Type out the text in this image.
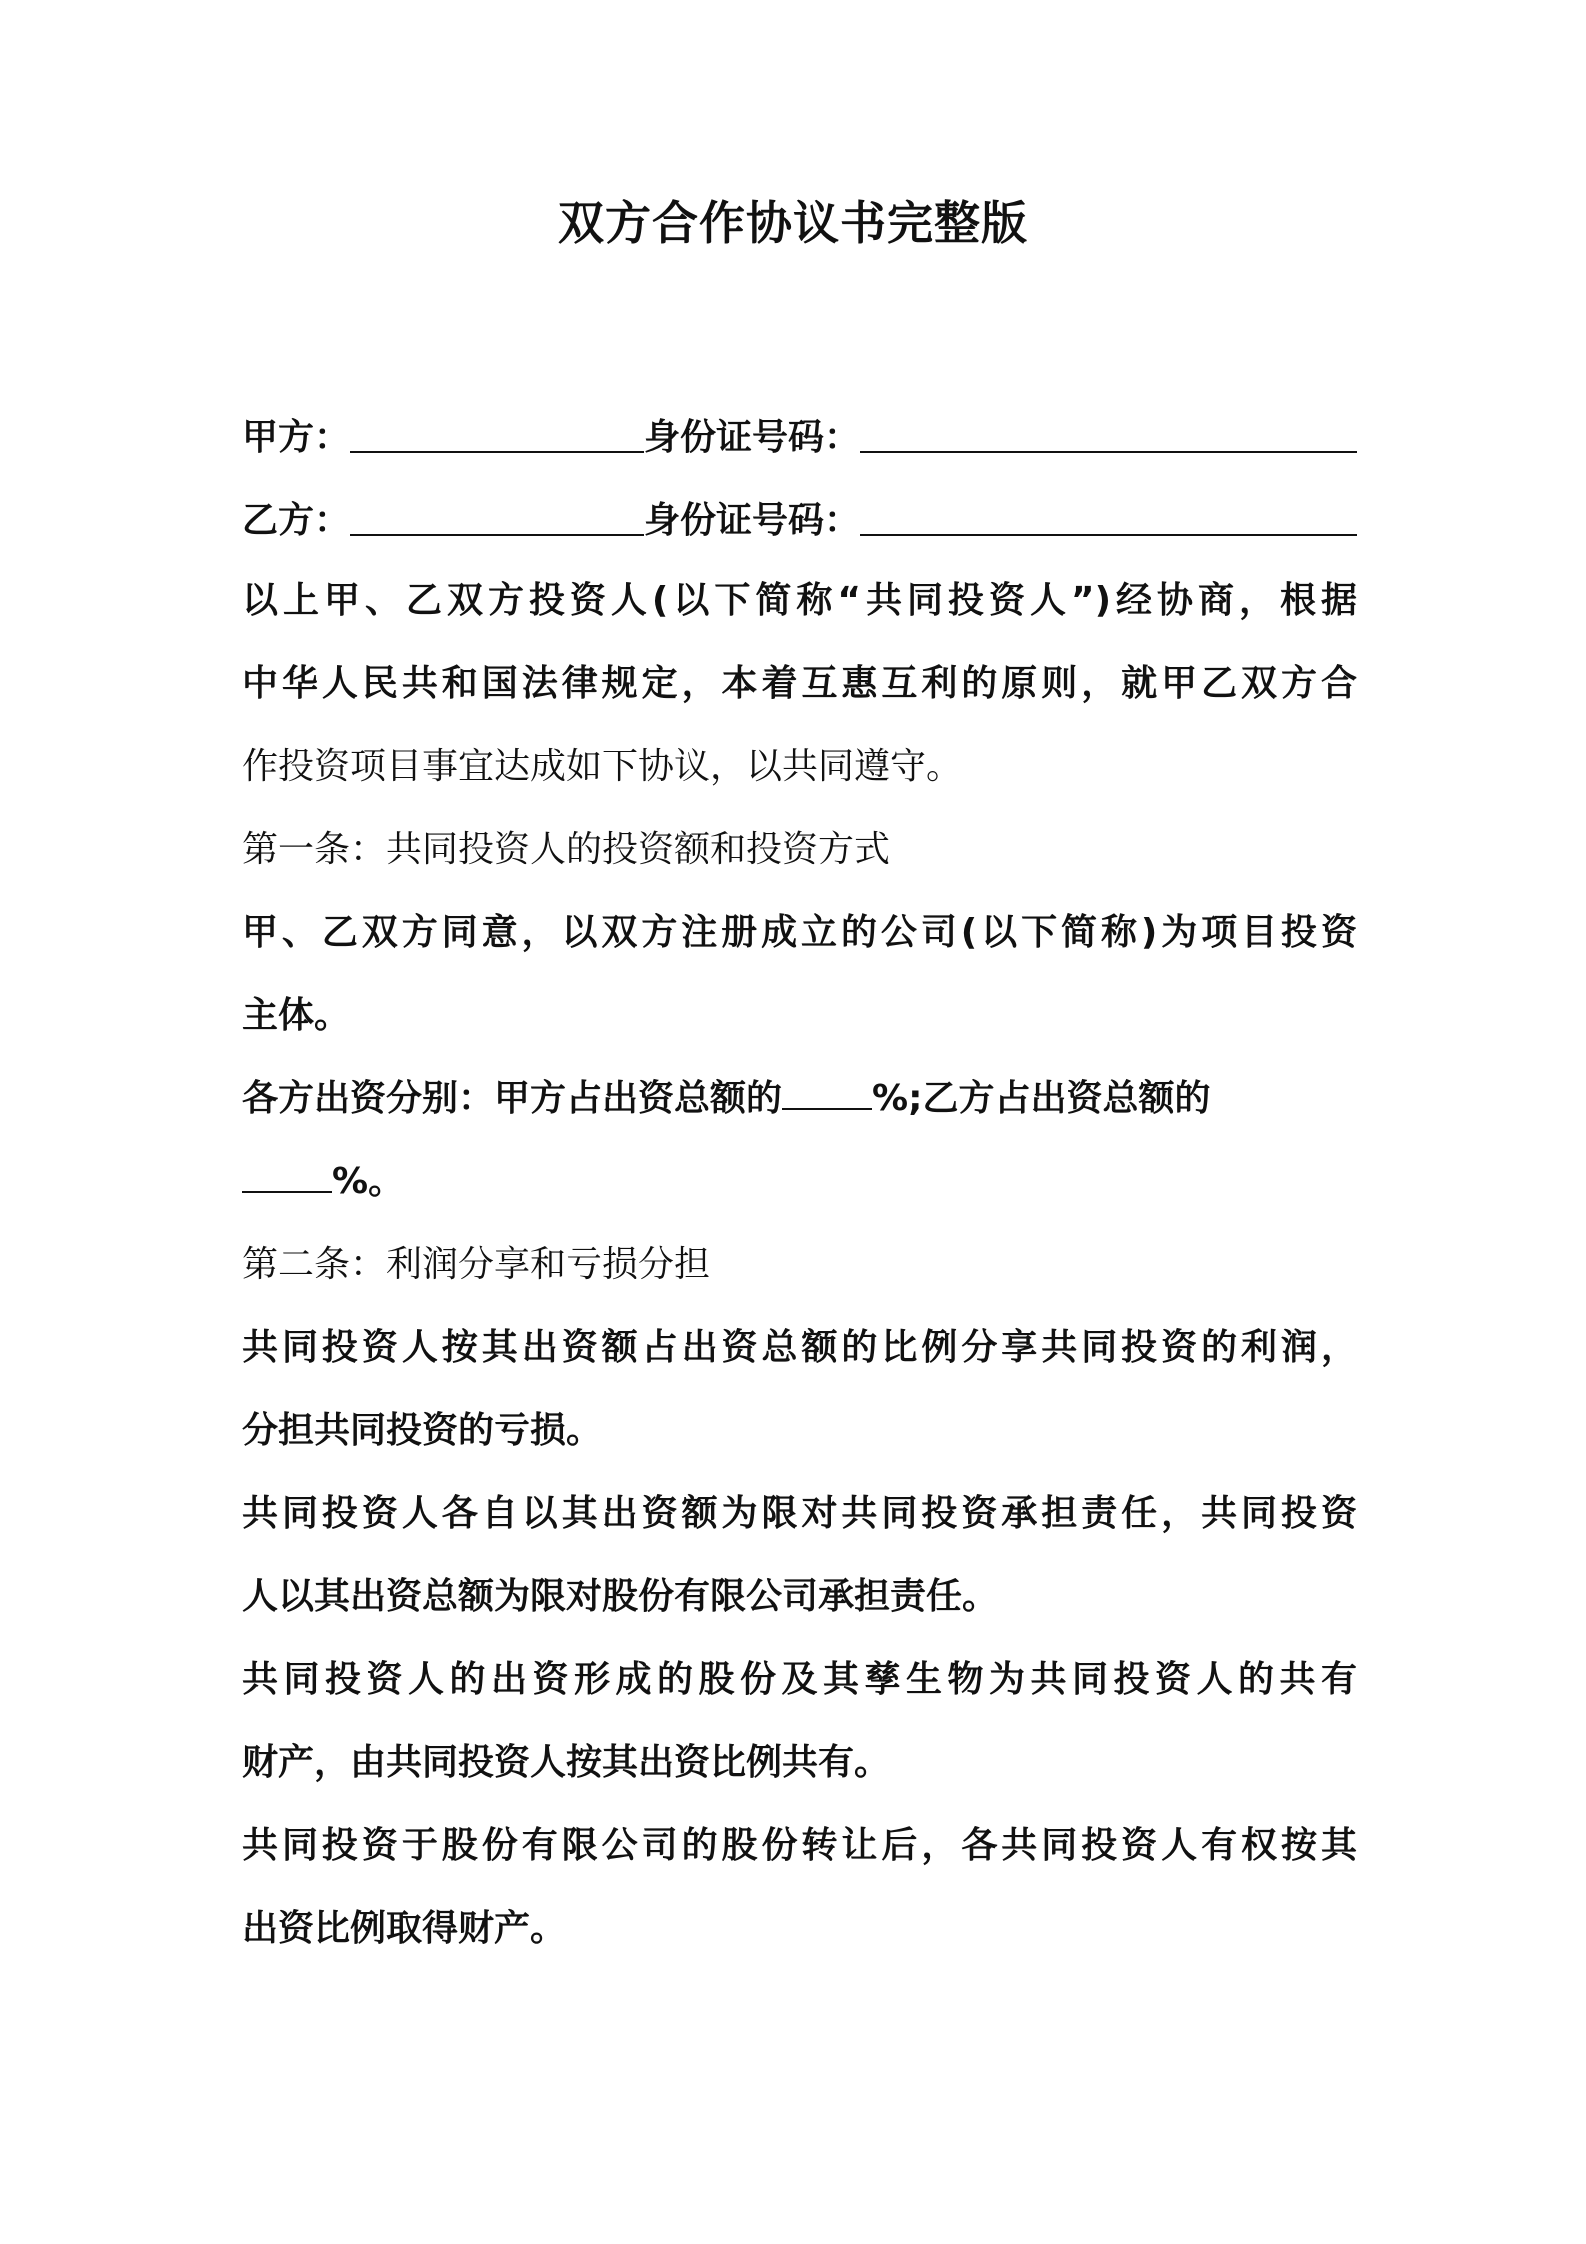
双方合作协议书完整版
甲方：	身份证号码：
乙方：	身份证号码：
以上甲、乙双方投资人(以下简称“共同投资人”)经协商，根据
中华人民共和国法律规定，本着互惠互利的原则，就甲乙双方合
作投资项目事宜达成如下协议，以共同遵守。
第一条：共同投资人的投资额和投资方式
甲、乙双方同意，以双方注册成立的公司(以下简称)为项目投资
主体。
各方出资分别：甲方占出资总额的	%;乙方占出资总额的
%。
第二条：利润分享和亏损分担
共同投资人按其出资额占出资总额的比例分享共同投资的利润，
分担共同投资的亏损。
共同投资人各自以其出资额为限对共同投资承担责任，共同投资
人以其出资总额为限对股份有限公司承担责任。
共同投资人的出资形成的股份及其孳生物为共同投资人的共有
财产，由共同投资人按其出资比例共有。
共同投资于股份有限公司的股份转让后，各共同投资人有权按其
出资比例取得财产。
